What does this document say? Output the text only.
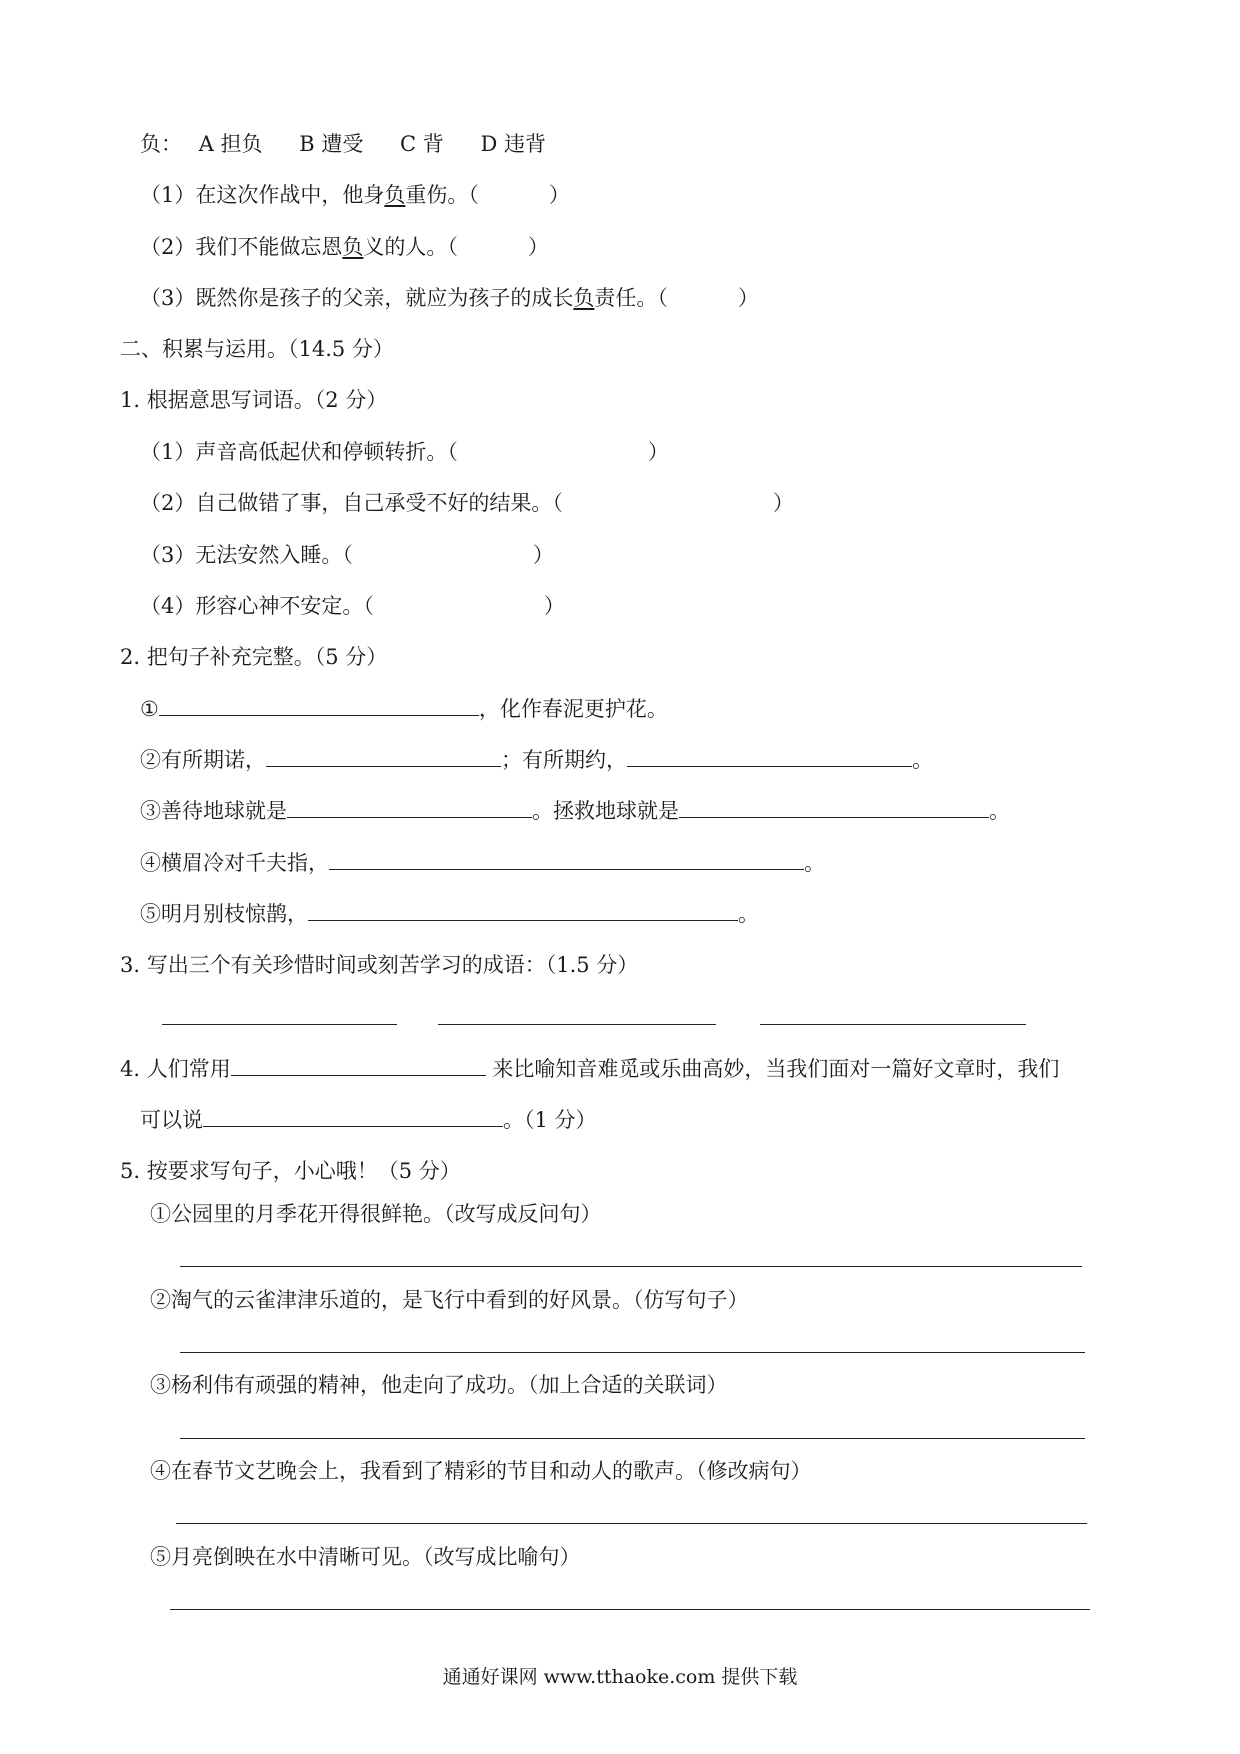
负： A 担负 B 遭受 C 背 D 违背
（1）在这次作战中，他身负重伤。（	）
（2）我们不能做忘恩负义的人。（	）
（3）既然你是孩子的父亲，就应为孩子的成长负责任。（	）
二、积累与运用。（14.5 分）
1. 根据意思写词语。（2 分）
（1）声音高低起伏和停顿转折。（	）
（2）自己做错了事，自己承受不好的结果。（	）
（3）无法安然入睡。（	）
（4）形容心神不安定。（	）
2. 把句子补充完整。（5 分）
①	，化作春泥更护花。
②有所期诺，	；有所期约，	。
③善待地球就是	。拯救地球就是	。
④横眉冷对千夫指，	。
⑤明月别枝惊鹊，	。
3. 写出三个有关珍惜时间或刻苦学习的成语：（1.5 分）
4. 人们常用	来比喻知音难觅或乐曲高妙，当我们面对一篇好文章时，我们
可以说	。（1 分）
5. 按要求写句子，小心哦！（5 分）
①公园里的月季花开得很鲜艳。（改写成反问句）
②淘气的云雀津津乐道的，是飞行中看到的好风景。（仿写句子）
③杨利伟有顽强的精神，他走向了成功。（加上合适的关联词）
④在春节文艺晚会上，我看到了精彩的节目和动人的歌声。（修改病句）
⑤月亮倒映在水中清晰可见。（改写成比喻句）
通通好课网 www.tthaoke.com 提供下载
